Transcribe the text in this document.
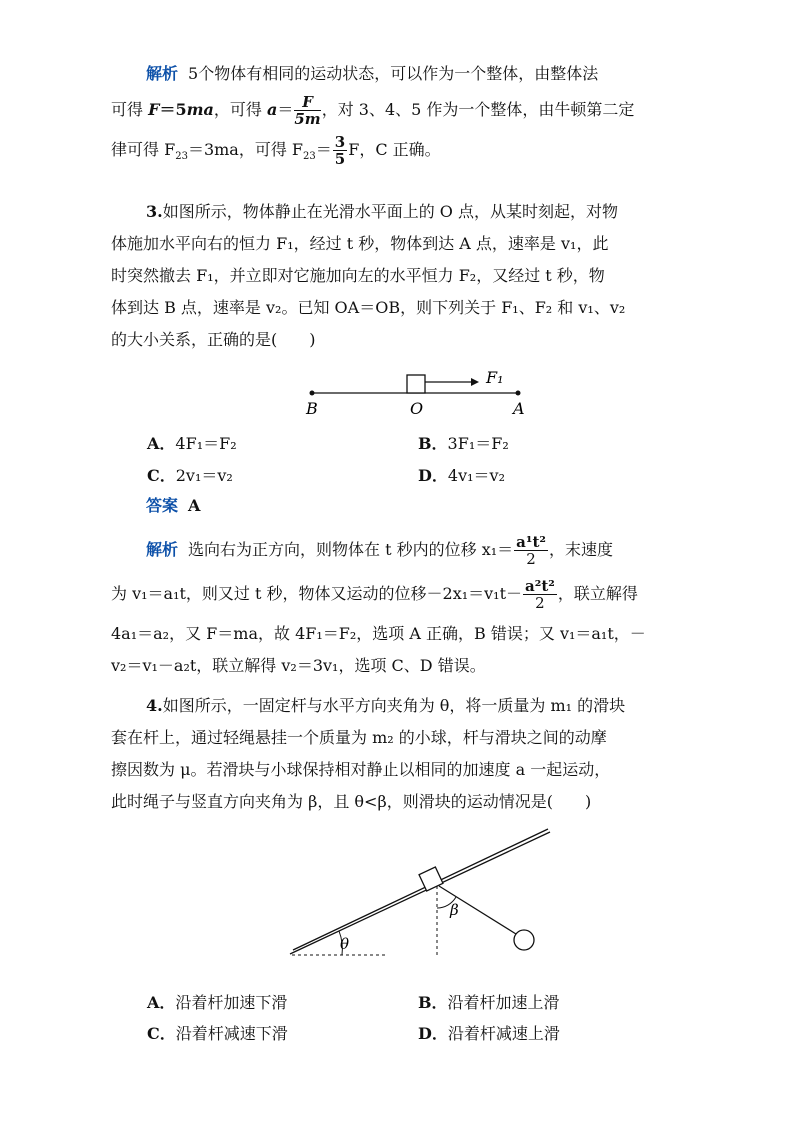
解析 5个物体有相同的运动状态，可以作为一个整体，由整体法
可得 F＝5ma，可得 $a= \frac{F}{5m}$ ，对 3、4、5 作为一个整体，由牛顿第二定
律可得 $F_{23}=3ma$，可得 $F_{23}= \frac{3}{5}$ F，C 正确。
3.如图所示，物体静止在光滑水平面上的 O 点，从某时刻起，对物
体施加水平向右的恒力 F₁，经过 t 秒，物体到达 A 点，速率是 v₁，此
时突然撤去 F₁，并立即对它施加向左的水平恒力 F₂，又经过 t 秒，物
体到达 B 点，速率是 v₂。已知 OA＝OB，则下列关于 F₁、F₂ 和 v₁、v₂
的大小关系，正确的是(　　)
F₁
B	O	A
A．4F₁＝F₂	B．3F₁＝F₂
C．2v₁＝v₂	D．4v₁＝v₂
答案 A
解析 选向右为正方向，则物体在 t 秒内的位移 $x_1= \frac{\text{a¹t²}}{2}$ ，末速度
为 v₁＝a₁t，则又过 t 秒，物体又运动的位移$-2x_1=v_1t- \frac{\text{a²t²}}{2}$ ，联立解得
4a₁＝a₂，又 F＝ma，故 4F₁＝F₂，选项 A 正确，B 错误；又 v₁＝a₁t，－
v₂＝v₁－a₂t，联立解得 v₂＝3v₁，选项 C、D 错误。
4.如图所示，一固定杆与水平方向夹角为 θ，将一质量为 m₁ 的滑块
套在杆上，通过轻绳悬挂一个质量为 m₂ 的小球，杆与滑块之间的动摩
擦因数为 μ。若滑块与小球保持相对静止以相同的加速度 a 一起运动，
此时绳子与竖直方向夹角为 β，且 θ<β，则滑块的运动情况是(　　)
θ
β
A．沿着杆加速下滑	B．沿着杆加速上滑
C．沿着杆减速下滑	D．沿着杆减速上滑
